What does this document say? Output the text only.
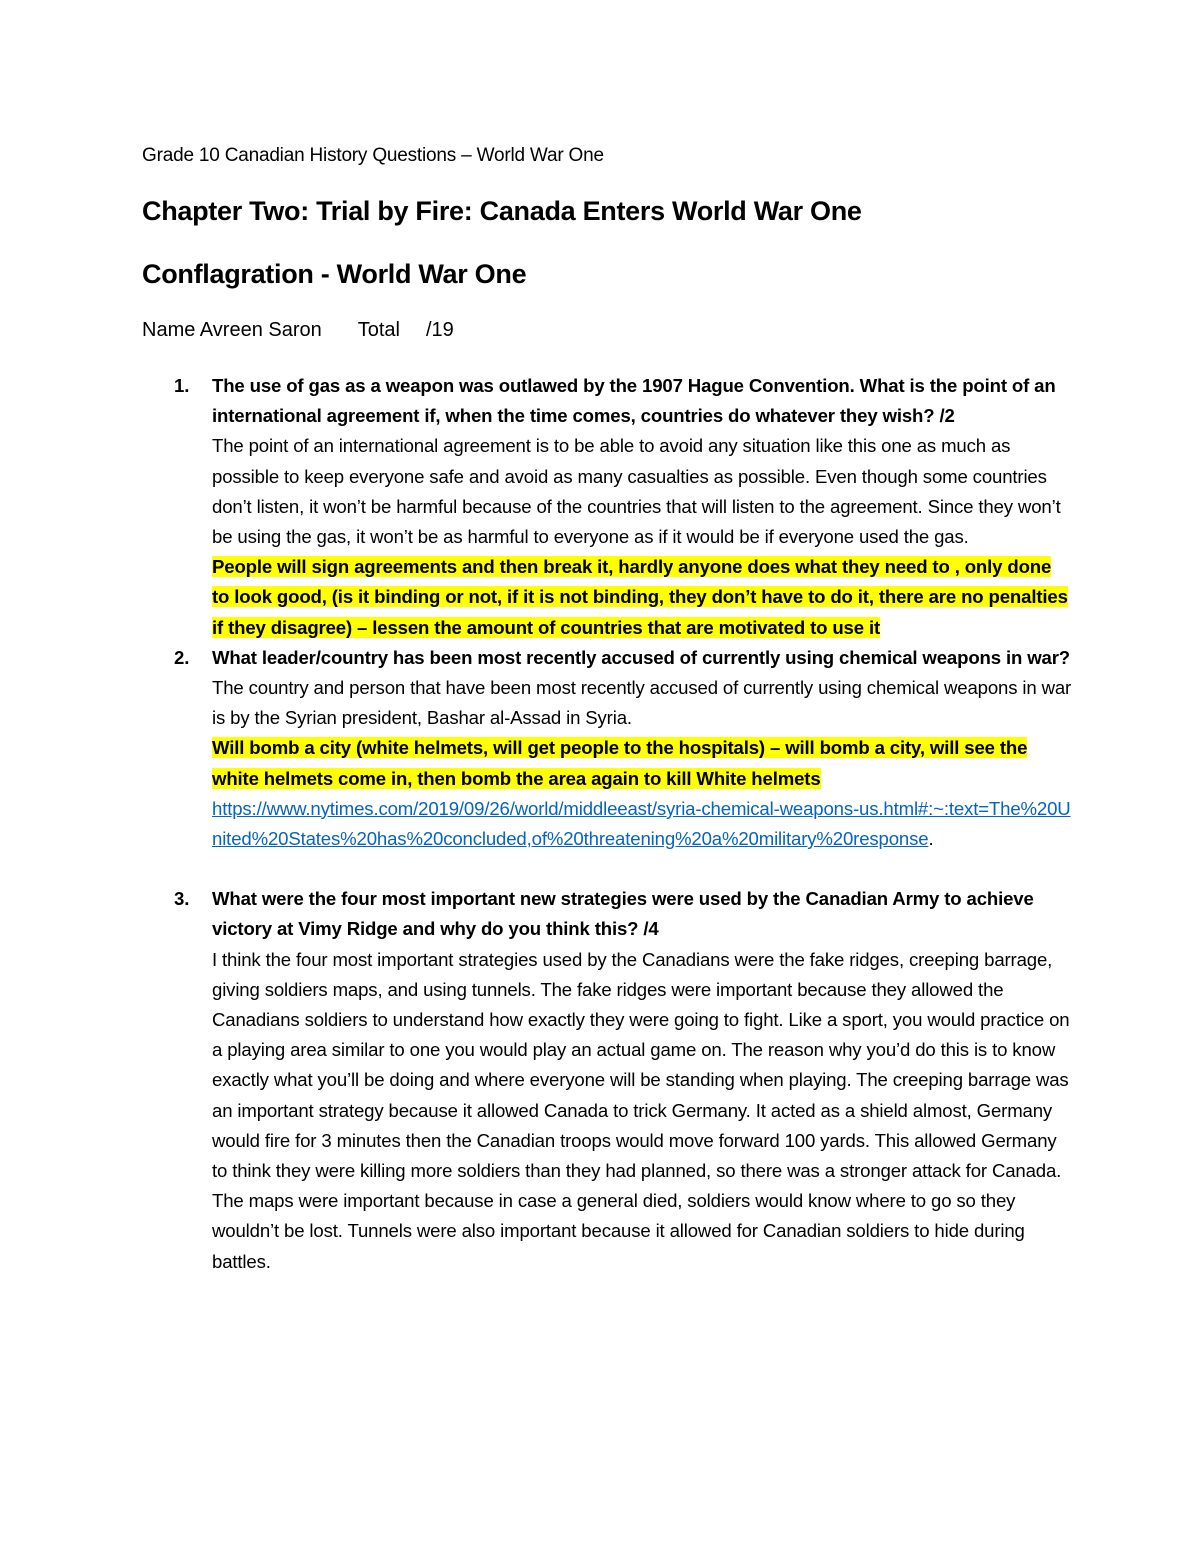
Grade 10 Canadian History Questions – World War One
Chapter Two: Trial by Fire: Canada Enters World War One
Conflagration - World War One
Name Avreen Saron Total /19
1. The use of gas as a weapon was outlawed by the 1907 Hague Convention. What is the point of an international agreement if, when the time comes, countries do whatever they wish? /2
The point of an international agreement is to be able to avoid any situation like this one as much as possible to keep everyone safe and avoid as many casualties as possible. Even though some countries don’t listen, it won’t be harmful because of the countries that will listen to the agreement. Since they won’t be using the gas, it won’t be as harmful to everyone as if it would be if everyone used the gas.
People will sign agreements and then break it, hardly anyone does what they need to , only done to look good, (is it binding or not, if it is not binding, they don’t have to do it, there are no penalties if they disagree) – lessen the amount of countries that are motivated to use it
2. What leader/country has been most recently accused of currently using chemical weapons in war?
The country and person that have been most recently accused of currently using chemical weapons in war is by the Syrian president, Bashar al-Assad in Syria.
Will bomb a city (white helmets, will get people to the hospitals) – will bomb a city, will see the white helmets come in, then bomb the area again to kill White helmets
https://www.nytimes.com/2019/09/26/world/middleeast/syria-chemical-weapons-us.html#:~:text=The%20United%20States%20has%20concluded,of%20threatening%20a%20military%20response.
3. What were the four most important new strategies were used by the Canadian Army to achieve victory at Vimy Ridge and why do you think this? /4
I think the four most important strategies used by the Canadians were the fake ridges, creeping barrage, giving soldiers maps, and using tunnels. The fake ridges were important because they allowed the Canadians soldiers to understand how exactly they were going to fight. Like a sport, you would practice on a playing area similar to one you would play an actual game on. The reason why you’d do this is to know exactly what you’ll be doing and where everyone will be standing when playing. The creeping barrage was an important strategy because it allowed Canada to trick Germany. It acted as a shield almost, Germany would fire for 3 minutes then the Canadian troops would move forward 100 yards. This allowed Germany to think they were killing more soldiers than they had planned, so there was a stronger attack for Canada. The maps were important because in case a general died, soldiers would know where to go so they wouldn’t be lost. Tunnels were also important because it allowed for Canadian soldiers to hide during battles.
